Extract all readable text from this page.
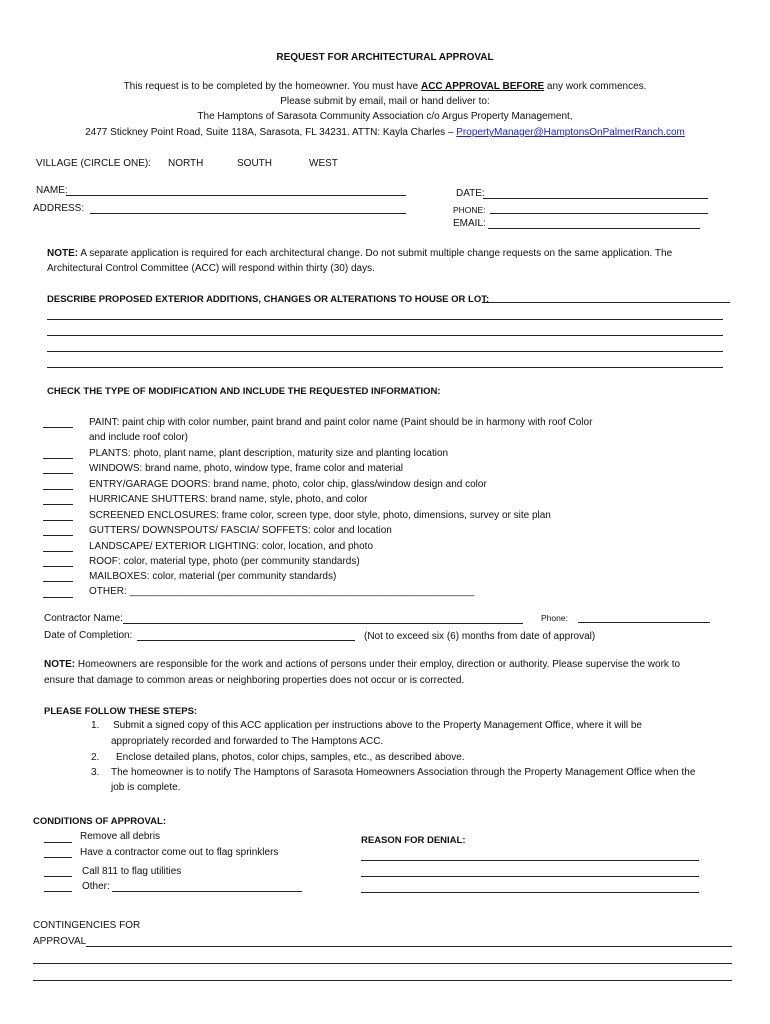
REQUEST FOR ARCHITECTURAL APPROVAL
This request is to be completed by the homeowner. You must have ACC APPROVAL BEFORE any work commences.
Please submit by email, mail or hand deliver to:
The Hamptons of Sarasota Community Association c/o Argus Property Management,
2477 Stickney Point Road, Suite 118A, Sarasota, FL 34231. ATTN: Kayla Charles – PropertyManager@HamptonsOnPalmerRanch.com
VILLAGE (CIRCLE ONE): NORTH	SOUTH	WEST
NAME:
ADDRESS:
DATE:
PHONE:
EMAIL:
NOTE: A separate application is required for each architectural change. Do not submit multiple change requests on the same application. The
Architectural Control Committee (ACC) will respond within thirty (30) days.
DESCRIBE PROPOSED EXTERIOR ADDITIONS, CHANGES OR ALTERATIONS TO HOUSE OR LOT:
CHECK THE TYPE OF MODIFICATION AND INCLUDE THE REQUESTED INFORMATION:
PAINT: paint chip with color number, paint brand and paint color name (Paint should be in harmony with roof Color
and include roof color)
PLANTS: photo, plant name, plant description, maturity size and planting location
WINDOWS: brand name, photo, window type, frame color and material
ENTRY/GARAGE DOORS: brand name, photo, color chip, glass/window design and color
HURRICANE SHUTTERS: brand name, style, photo, and color
SCREENED ENCLOSURES: frame color, screen type, door style, photo, dimensions, survey or site plan
GUTTERS/ DOWNSPOUTS/ FASCIA/ SOFFETS: color and location
LANDSCAPE/ EXTERIOR LIGHTING: color, location, and photo
ROOF: color, material type, photo (per community standards)
MAILBOXES: color, material (per community standards)
OTHER: ______________________________________________________________
Contractor Name:	Phone:
Date of Completion:	(Not to exceed six (6) months from date of approval)
NOTE: Homeowners are responsible for the work and actions of persons under their employ, direction or authority. Please supervise the work to
ensure that damage to common areas or neighboring properties does not occur or is corrected.
PLEASE FOLLOW THESE STEPS:
1. Submit a signed copy of this ACC application per instructions above to the Property Management Office, where it will be
appropriately recorded and forwarded to The Hamptons ACC.
2. Enclose detailed plans, photos, color chips, samples, etc., as described above.
3. The homeowner is to notify The Hamptons of Sarasota Homeowners Association through the Property Management Office when the
job is complete.
CONDITIONS OF APPROVAL:
Remove all debris
Have a contractor come out to flag sprinklers
Call 811 to flag utilities
Other:
REASON FOR DENIAL:
CONTINGENCIES FOR
APPROVAL
